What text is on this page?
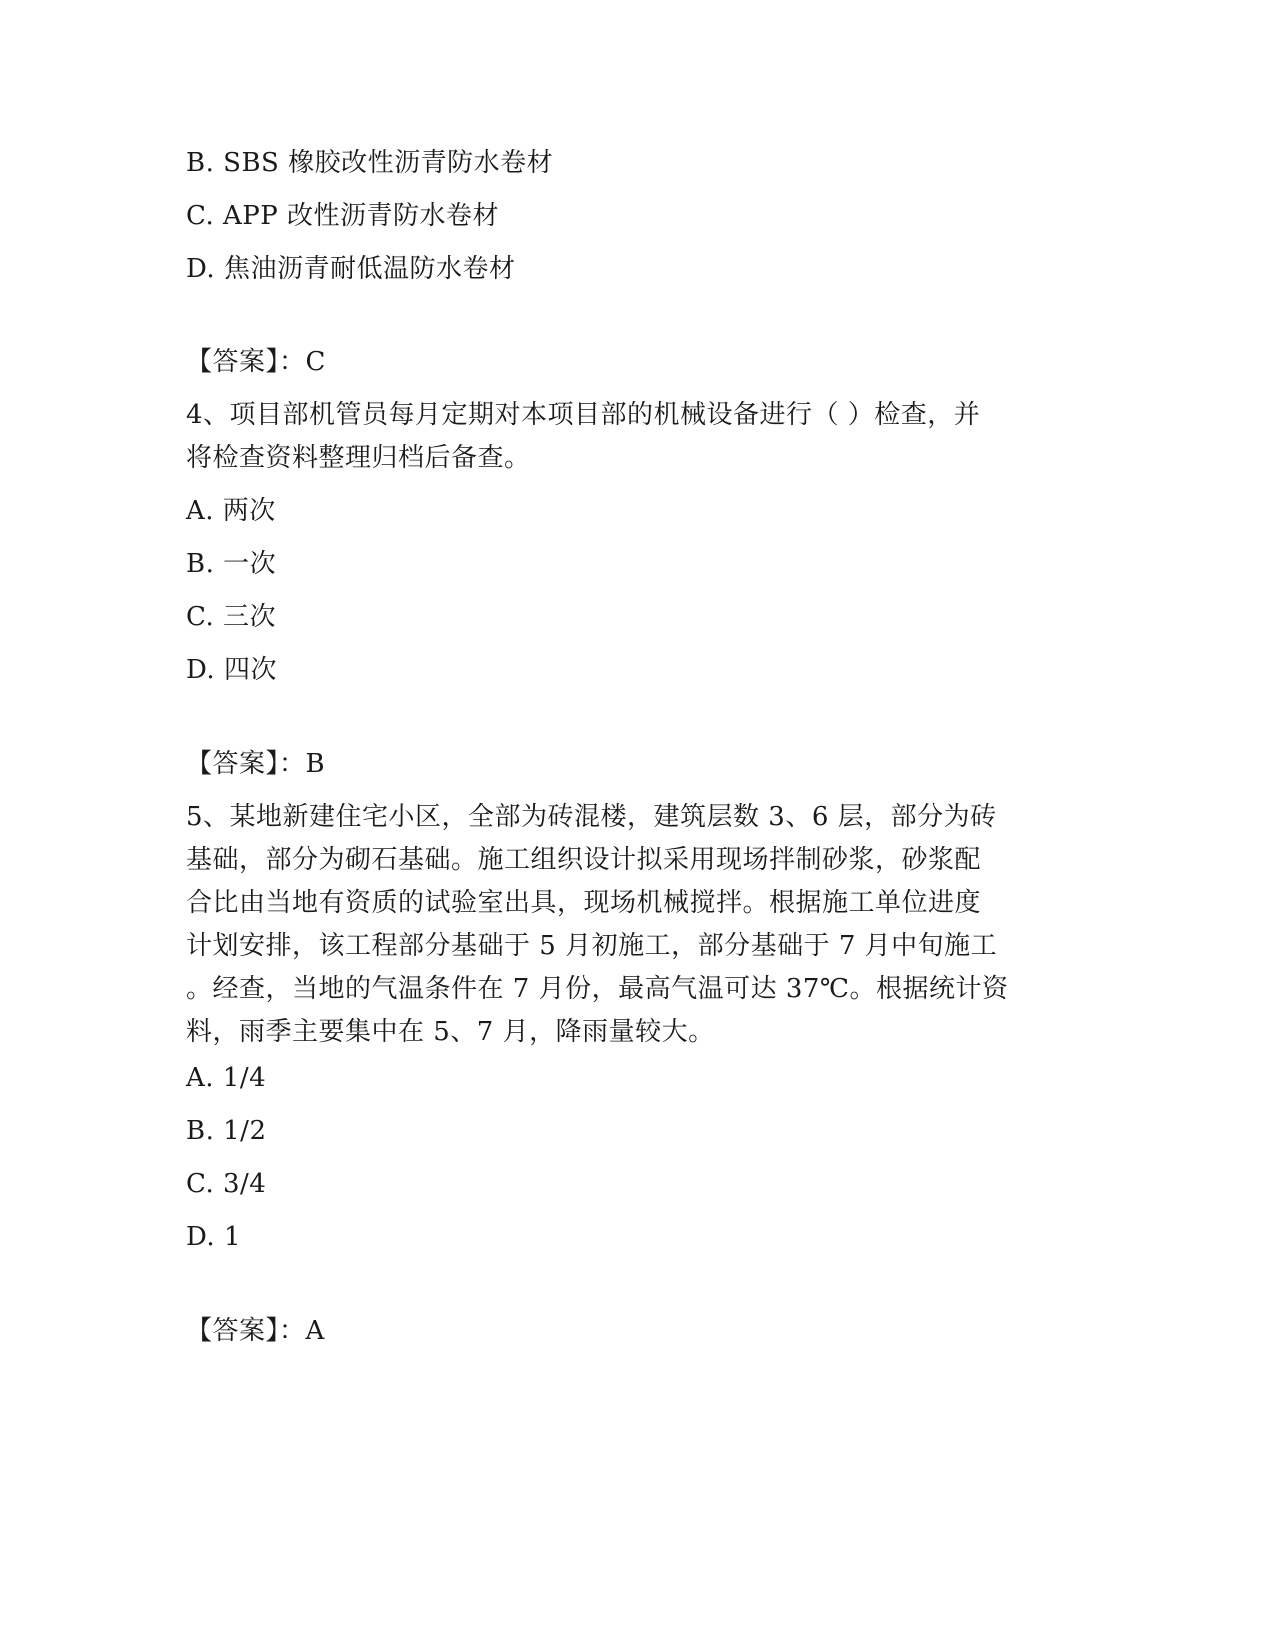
B. SBS 橡胶改性沥青防水卷材
C. APP 改性沥青防水卷材
D. 焦油沥青耐低温防水卷材
【答案】：C
4、项目部机管员每月定期对本项目部的机械设备进行（ ）检查，并
将检查资料整理归档后备查。
A. 两次
B. 一次
C. 三次
D. 四次
【答案】：B
5、某地新建住宅小区，全部为砖混楼，建筑层数 3、6 层，部分为砖
基础，部分为砌石基础。施工组织设计拟采用现场拌制砂浆，砂浆配
合比由当地有资质的试验室出具，现场机械搅拌。根据施工单位进度
计划安排，该工程部分基础于 5 月初施工，部分基础于 7 月中旬施工
。经查，当地的气温条件在 7 月份，最高气温可达 37℃。根据统计资
料，雨季主要集中在 5、7 月，降雨量较大。
A. 1/4
B. 1/2
C. 3/4
D. 1
【答案】：A
